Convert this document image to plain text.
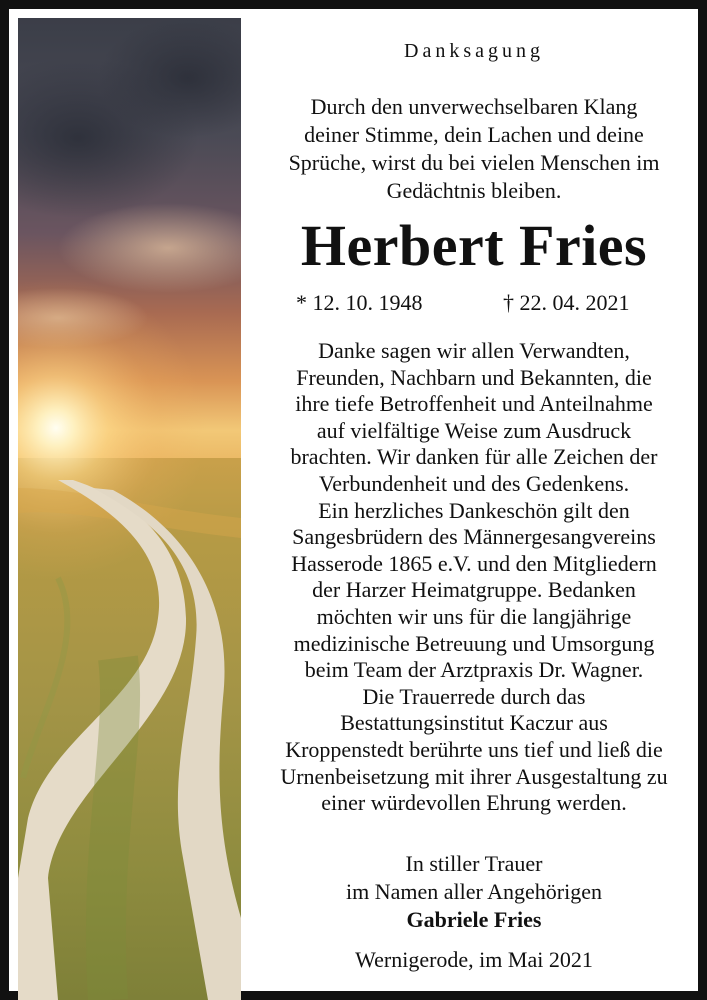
Danksagung
Durch den unverwechselbaren Klang
deiner Stimme, dein Lachen und deine
Sprüche, wirst du bei vielen Menschen im
Gedächtnis bleiben.
Herbert Fries
* 12. 10. 1948	† 22. 04. 2021
Danke sagen wir allen Verwandten,
Freunden, Nachbarn und Bekannten, die
ihre tiefe Betroffenheit und Anteilnahme
auf vielfältige Weise zum Ausdruck
brachten. Wir danken für alle Zeichen der
Verbundenheit und des Gedenkens.
Ein herzliches Dankeschön gilt den
Sangesbrüdern des Männergesangvereins
Hasserode 1865 e.V. und den Mitgliedern
der Harzer Heimatgruppe. Bedanken
möchten wir uns für die langjährige
medizinische Betreuung und Umsorgung
beim Team der Arztpraxis Dr. Wagner.
Die Trauerrede durch das
Bestattungsinstitut Kaczur aus
Kroppenstedt berührte uns tief und ließ die
Urnenbeisetzung mit ihrer Ausgestaltung zu
einer würdevollen Ehrung werden.
In stiller Trauer
im Namen aller Angehörigen
Gabriele Fries
Wernigerode, im Mai 2021
